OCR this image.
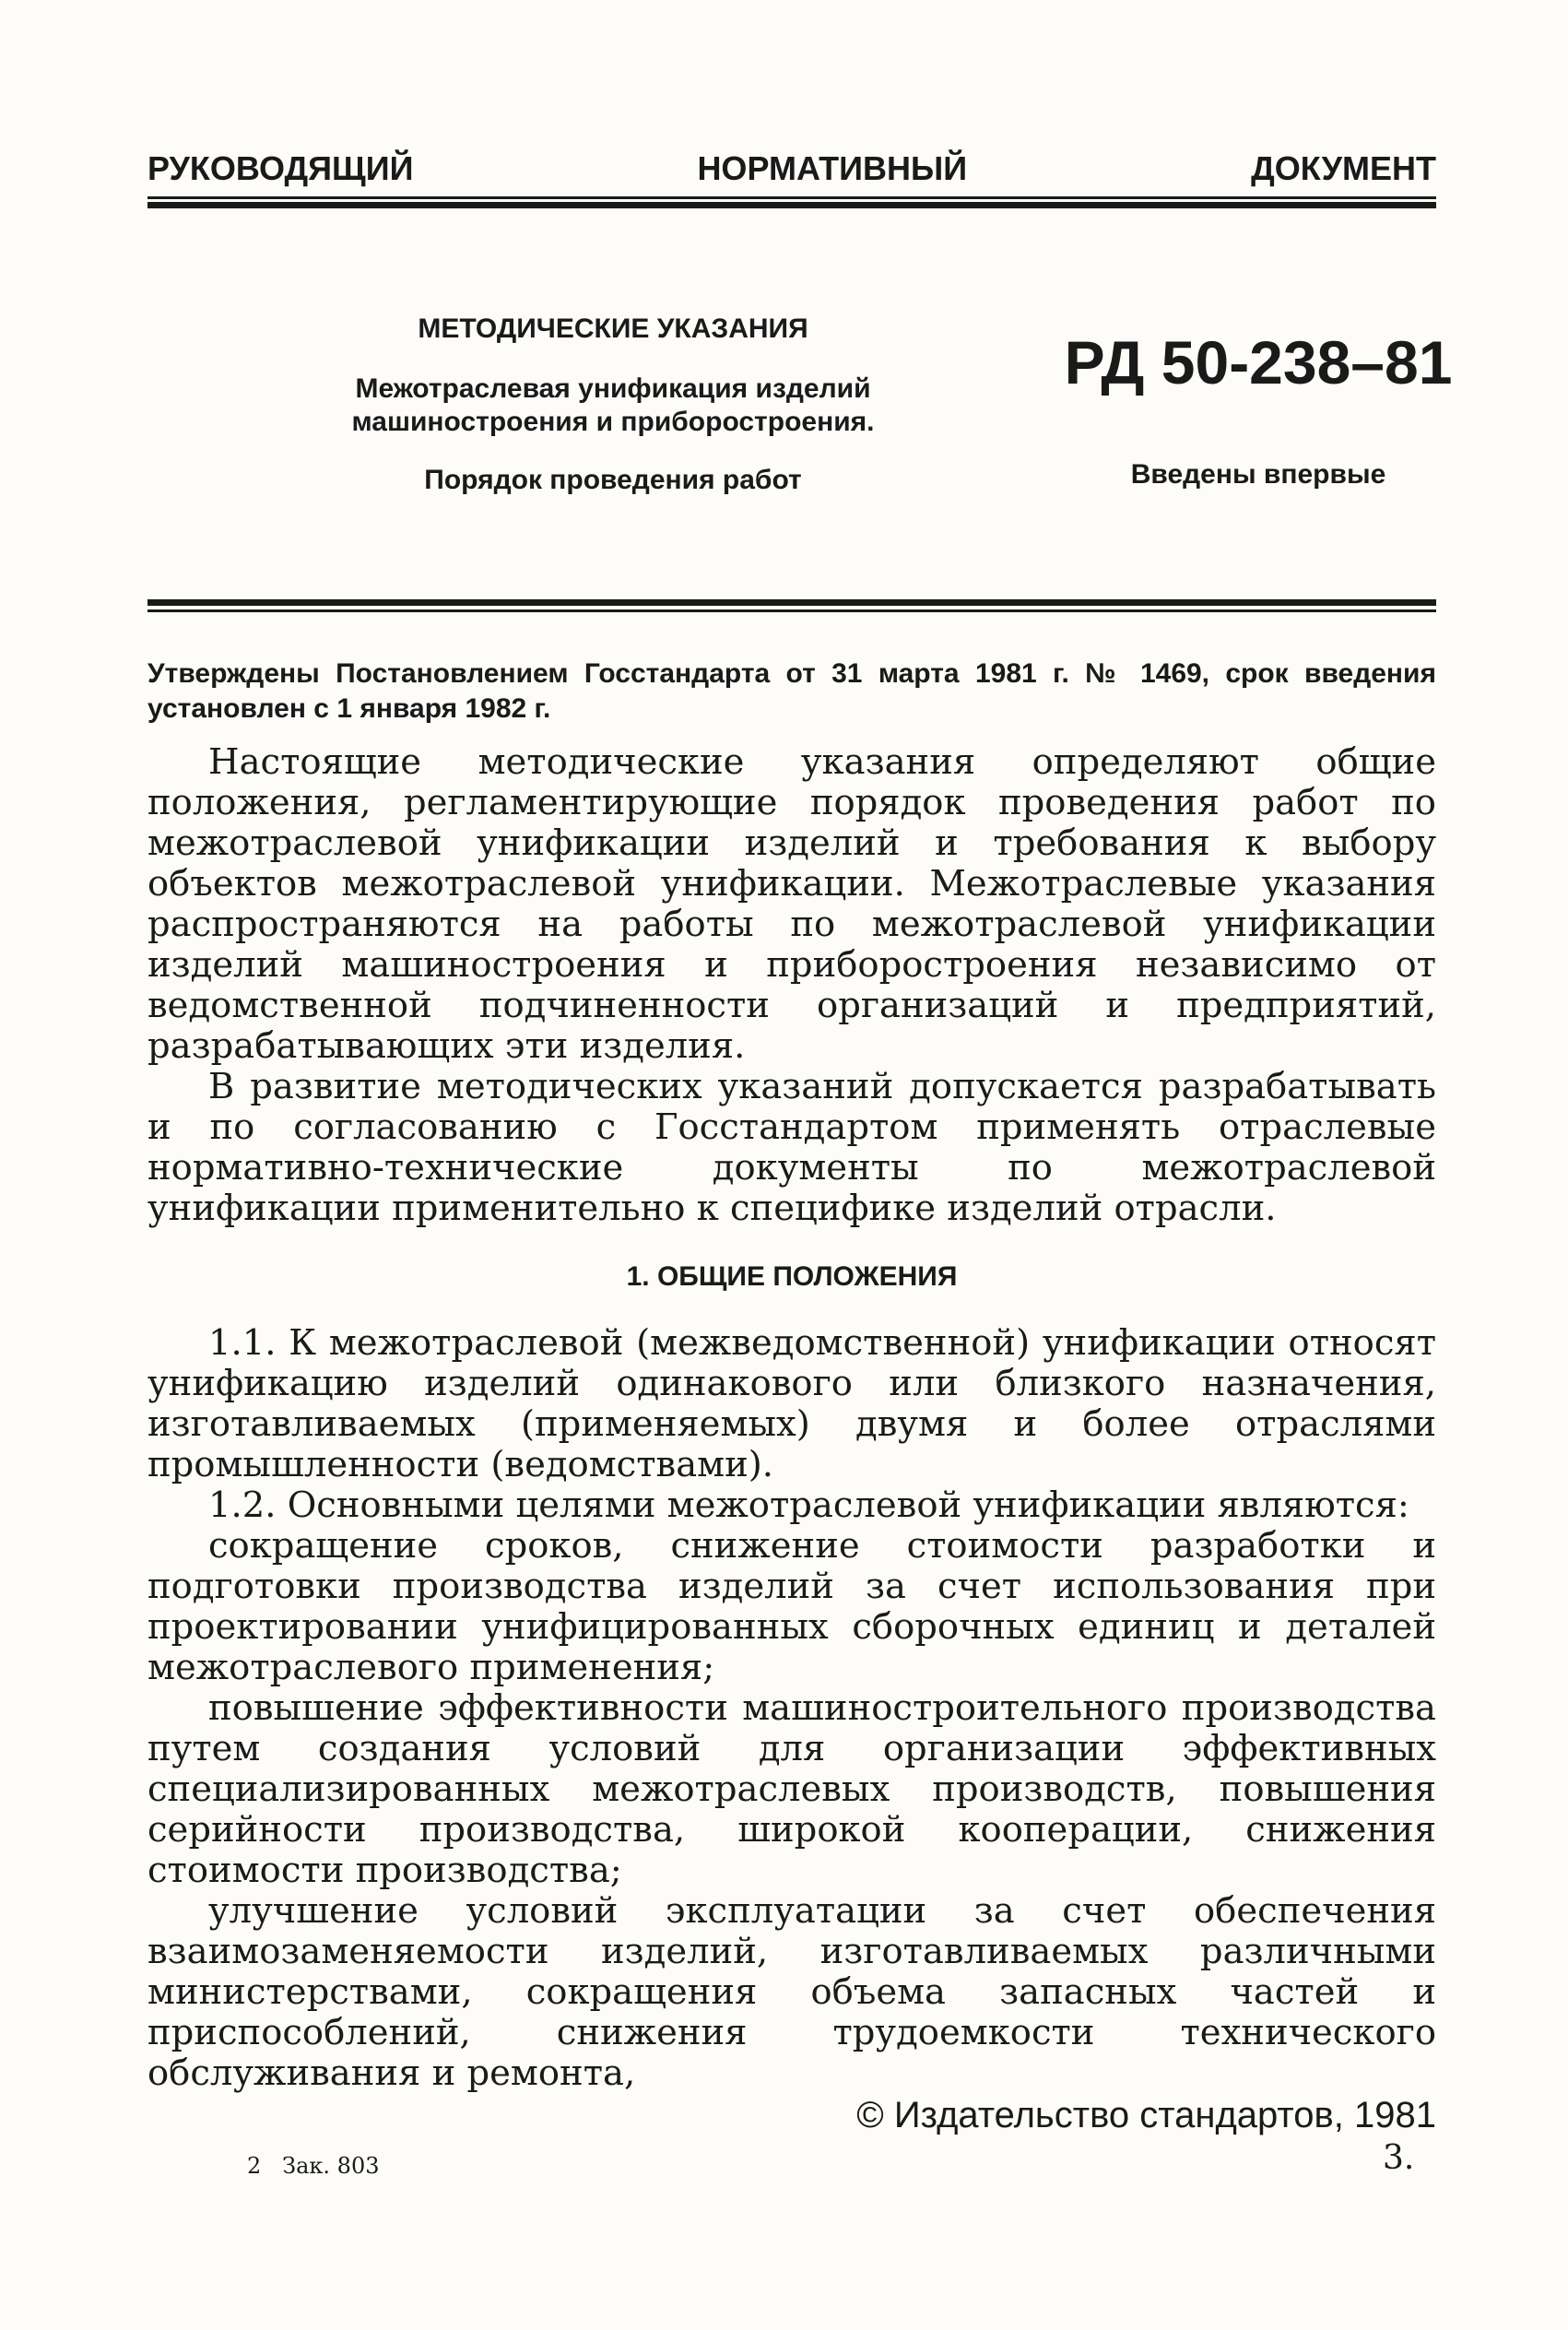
РУКОВОДЯЩИЙ	НОРМАТИВНЫЙ	ДОКУМЕНТ
МЕТОДИЧЕСКИЕ УКАЗАНИЯ
Межотраслевая унификация изделий
машиностроения и приборостроения.
Порядок проведения работ
РД 50-238–81
Введены впервые
Утверждены Постановлением Госстандарта от 31 марта 1981 г. № 1469, срок введения установлен с 1 января 1982 г.

Настоящие методические указания определяют общие положения, регламентирующие порядок проведения работ по межотраслевой унификации изделий и требования к выбору объектов межотраслевой унификации. Межотраслевые указания распространяются на работы по межотраслевой унификации изделий машиностроения и приборостроения независимо от ведомственной подчиненности организаций и предприятий, разрабатывающих эти изделия.

В развитие методических указаний допускается разрабатывать и по согласованию с Госстандартом применять отраслевые нормативно-технические документы по межотраслевой унификации применительно к специфике изделий отрасли.

1. ОБЩИЕ ПОЛОЖЕНИЯ

1.1. К межотраслевой (межведомственной) унификации относят унификацию изделий одинакового или близкого назначения, изготавливаемых (применяемых) двумя и более отраслями промышленности (ведомствами).

1.2. Основными целями межотраслевой унификации являются:

сокращение сроков, снижение стоимости разработки и подготовки производства изделий за счет использования при проектировании унифицированных сборочных единиц и деталей межотраслевого применения;

повышение эффективности машиностроительного производства путем создания условий для организации эффективных специализированных межотраслевых производств, повышения серийности производства, широкой кооперации, снижения стоимости производства;

улучшение условий эксплуатации за счет обеспечения взаимозаменяемости изделий, изготавливаемых различными министерствами, сокращения объема запасных частей и приспособлений, снижения трудоемкости технического обслуживания и ремонта,

© Издательство стандартов, 1981
2   Зак. 803	3.
